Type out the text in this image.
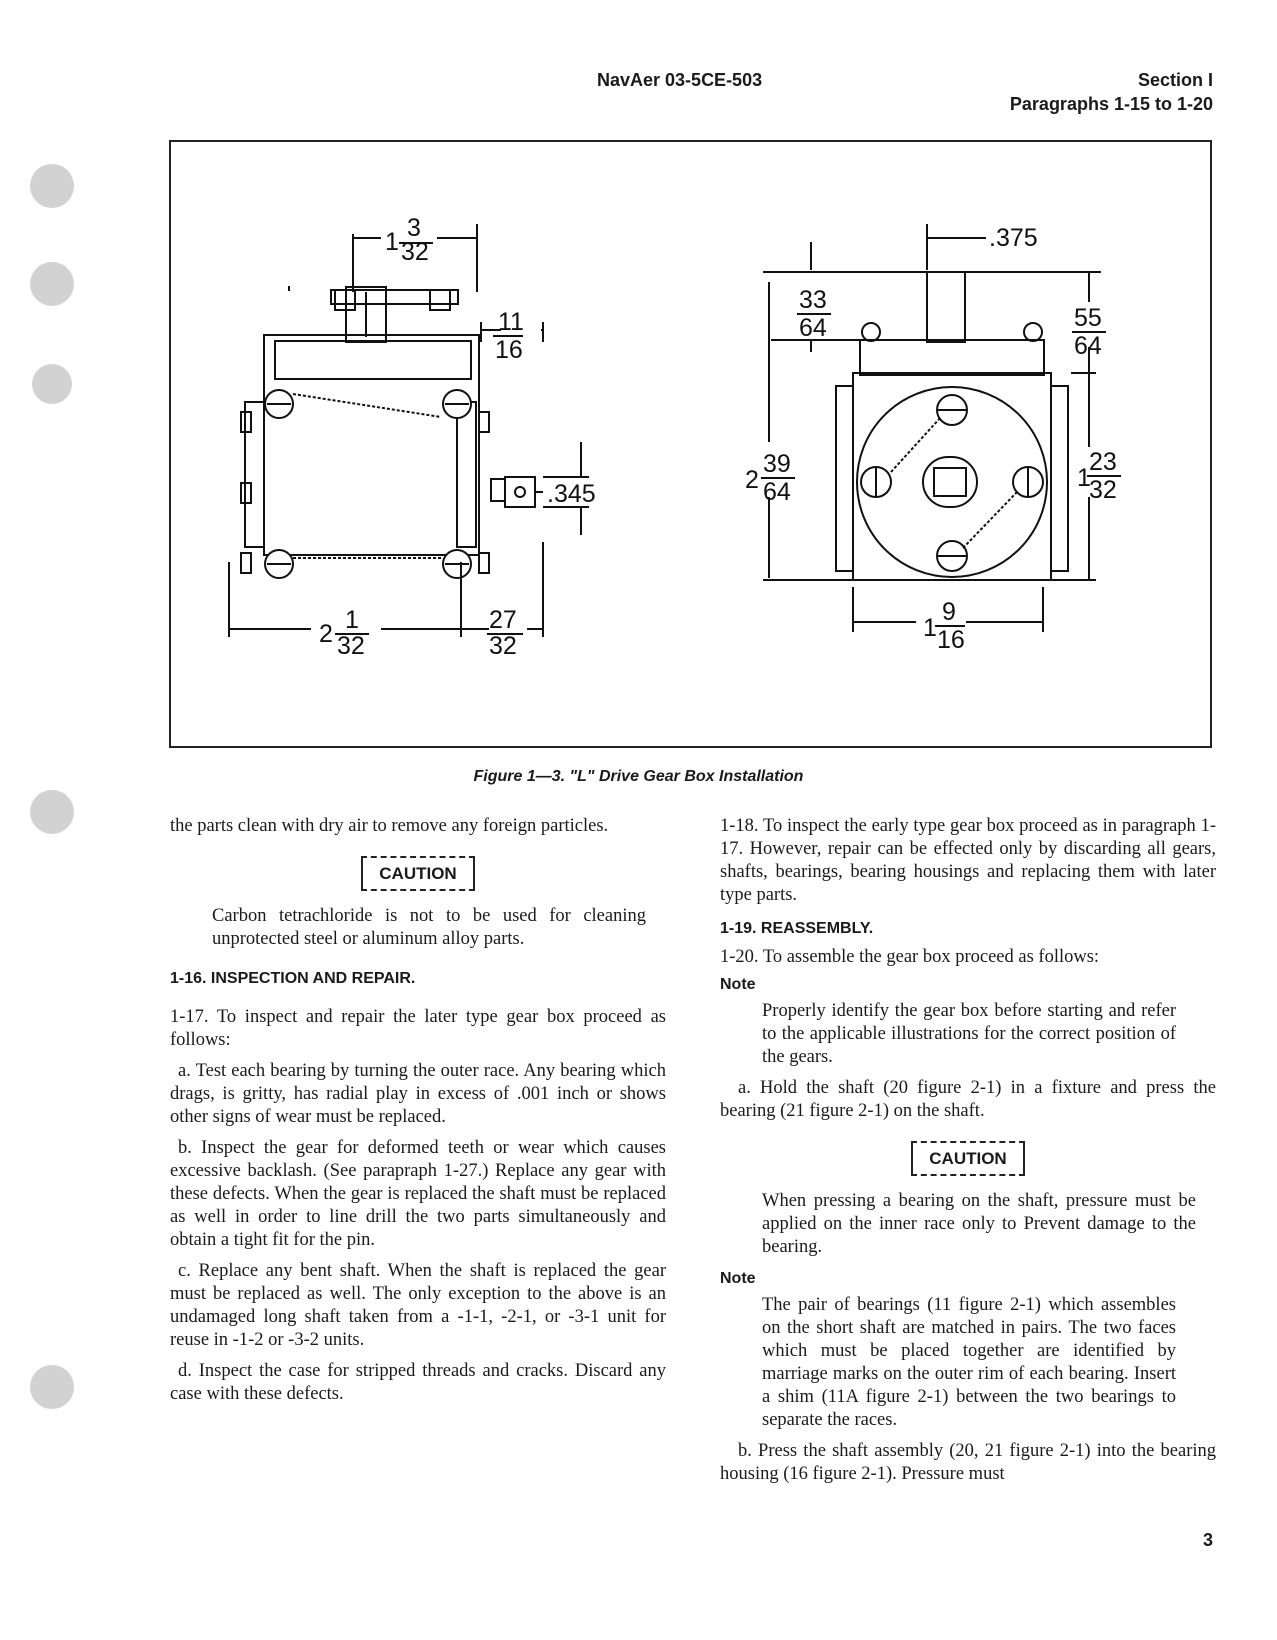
NavAer 03-5CE-503	Section I
Paragraphs 1-15 to 1-20
1 3
32
11
16
.345
2 1
32
27
32
.375
33
64	55
64
2
39
64	1
23
32
1
9
16
Figure 1—3. "L" Drive Gear Box Installation

the parts clean with dry air to remove any foreign particles.

CAUTION

Carbon tetrachloride is not to be used for cleaning unprotected steel or aluminum alloy parts.

1-16. INSPECTION AND REPAIR.

1-17. To inspect and repair the later type gear box proceed as follows:

a. Test each bearing by turning the outer race. Any bearing which drags, is gritty, has radial play in excess of .001 inch or shows other signs of wear must be replaced.

b. Inspect the gear for deformed teeth or wear which causes excessive backlash. (See parapraph 1-27.) Replace any gear with these defects. When the gear is replaced the shaft must be replaced as well in order to line drill the two parts simultaneously and obtain a tight fit for the pin.

c. Replace any bent shaft. When the shaft is replaced the gear must be replaced as well. The only exception to the above is an undamaged long shaft taken from a -1-1, -2-1, or -3-1 unit for reuse in -1-2 or -3-2 units.

d. Inspect the case for stripped threads and cracks. Discard any case with these defects.

1-18. To inspect the early type gear box proceed as in paragraph 1-17. However, repair can be effected only by discarding all gears, shafts, bearings, bearing housings and replacing them with later type parts.

1-19. REASSEMBLY.

1-20. To assemble the gear box proceed as follows:

Note

Properly identify the gear box before starting and refer to the applicable illustrations for the correct position of the gears.

a. Hold the shaft (20 figure 2-1) in a fixture and press the bearing (21 figure 2-1) on the shaft.

CAUTION

When pressing a bearing on the shaft, pressure must be applied on the inner race only to Prevent damage to the bearing.

Note

The pair of bearings (11 figure 2-1) which assembles on the short shaft are matched in pairs. The two faces which must be placed together are identified by marriage marks on the outer rim of each bearing. Insert a shim (11A figure 2-1) between the two bearings to separate the races.

b. Press the shaft assembly (20, 21 figure 2-1) into the bearing housing (16 figure 2-1). Pressure must

3
